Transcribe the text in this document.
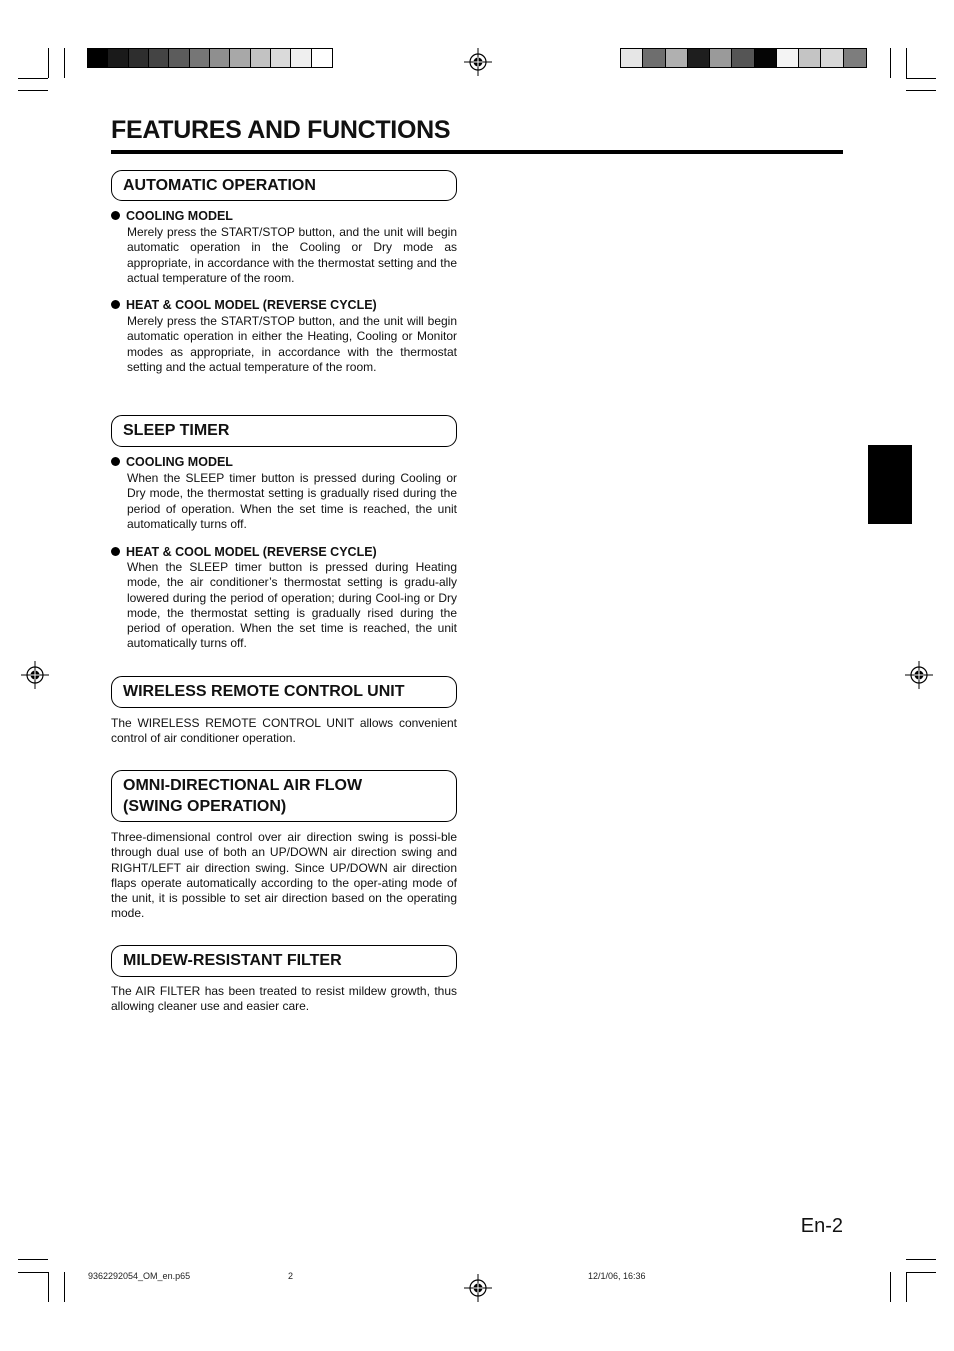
FEATURES AND FUNCTIONS
AUTOMATIC OPERATION
COOLING MODEL

Merely press the START/STOP button, and the unit will begin automatic operation in the Cooling or Dry mode as appropriate, in accordance with the thermostat setting and the actual temperature of the room.

HEAT & COOL MODEL (REVERSE CYCLE)

Merely press the START/STOP button, and the unit will begin automatic operation in either the Heating, Cooling or Monitor modes as appropriate, in accordance with the thermostat setting and the actual temperature of the room.

SLEEP TIMER
COOLING MODEL

When the SLEEP timer button is pressed during Cooling or Dry mode, the thermostat setting is gradually rised during the period of operation. When the set time is reached, the unit automatically turns off.

HEAT & COOL MODEL (REVERSE CYCLE)

When the SLEEP timer button is pressed during Heating mode, the air conditioner’s thermostat setting is gradu-ally lowered during the period of operation; during Cool-ing or Dry mode, the thermostat setting is gradually rised during the period of operation. When the set time is reached, the unit automatically turns off.

WIRELESS REMOTE CONTROL UNIT

The WIRELESS REMOTE CONTROL UNIT allows convenient control of air conditioner operation.

OMNI-DIRECTIONAL AIR FLOW
(SWING OPERATION)

Three-dimensional control over air direction swing is possi-ble through dual use of both an UP/DOWN air direction swing and RIGHT/LEFT air direction swing. Since UP/DOWN air direction flaps operate automatically according to the oper-ating mode of the unit, it is possible to set air direction based on the operating mode.

MILDEW-RESISTANT FILTER

The AIR FILTER has been treated to resist mildew growth, thus allowing cleaner use and easier care.

En-2
9362292054_OM_en.p65	2	12/1/06, 16:36
